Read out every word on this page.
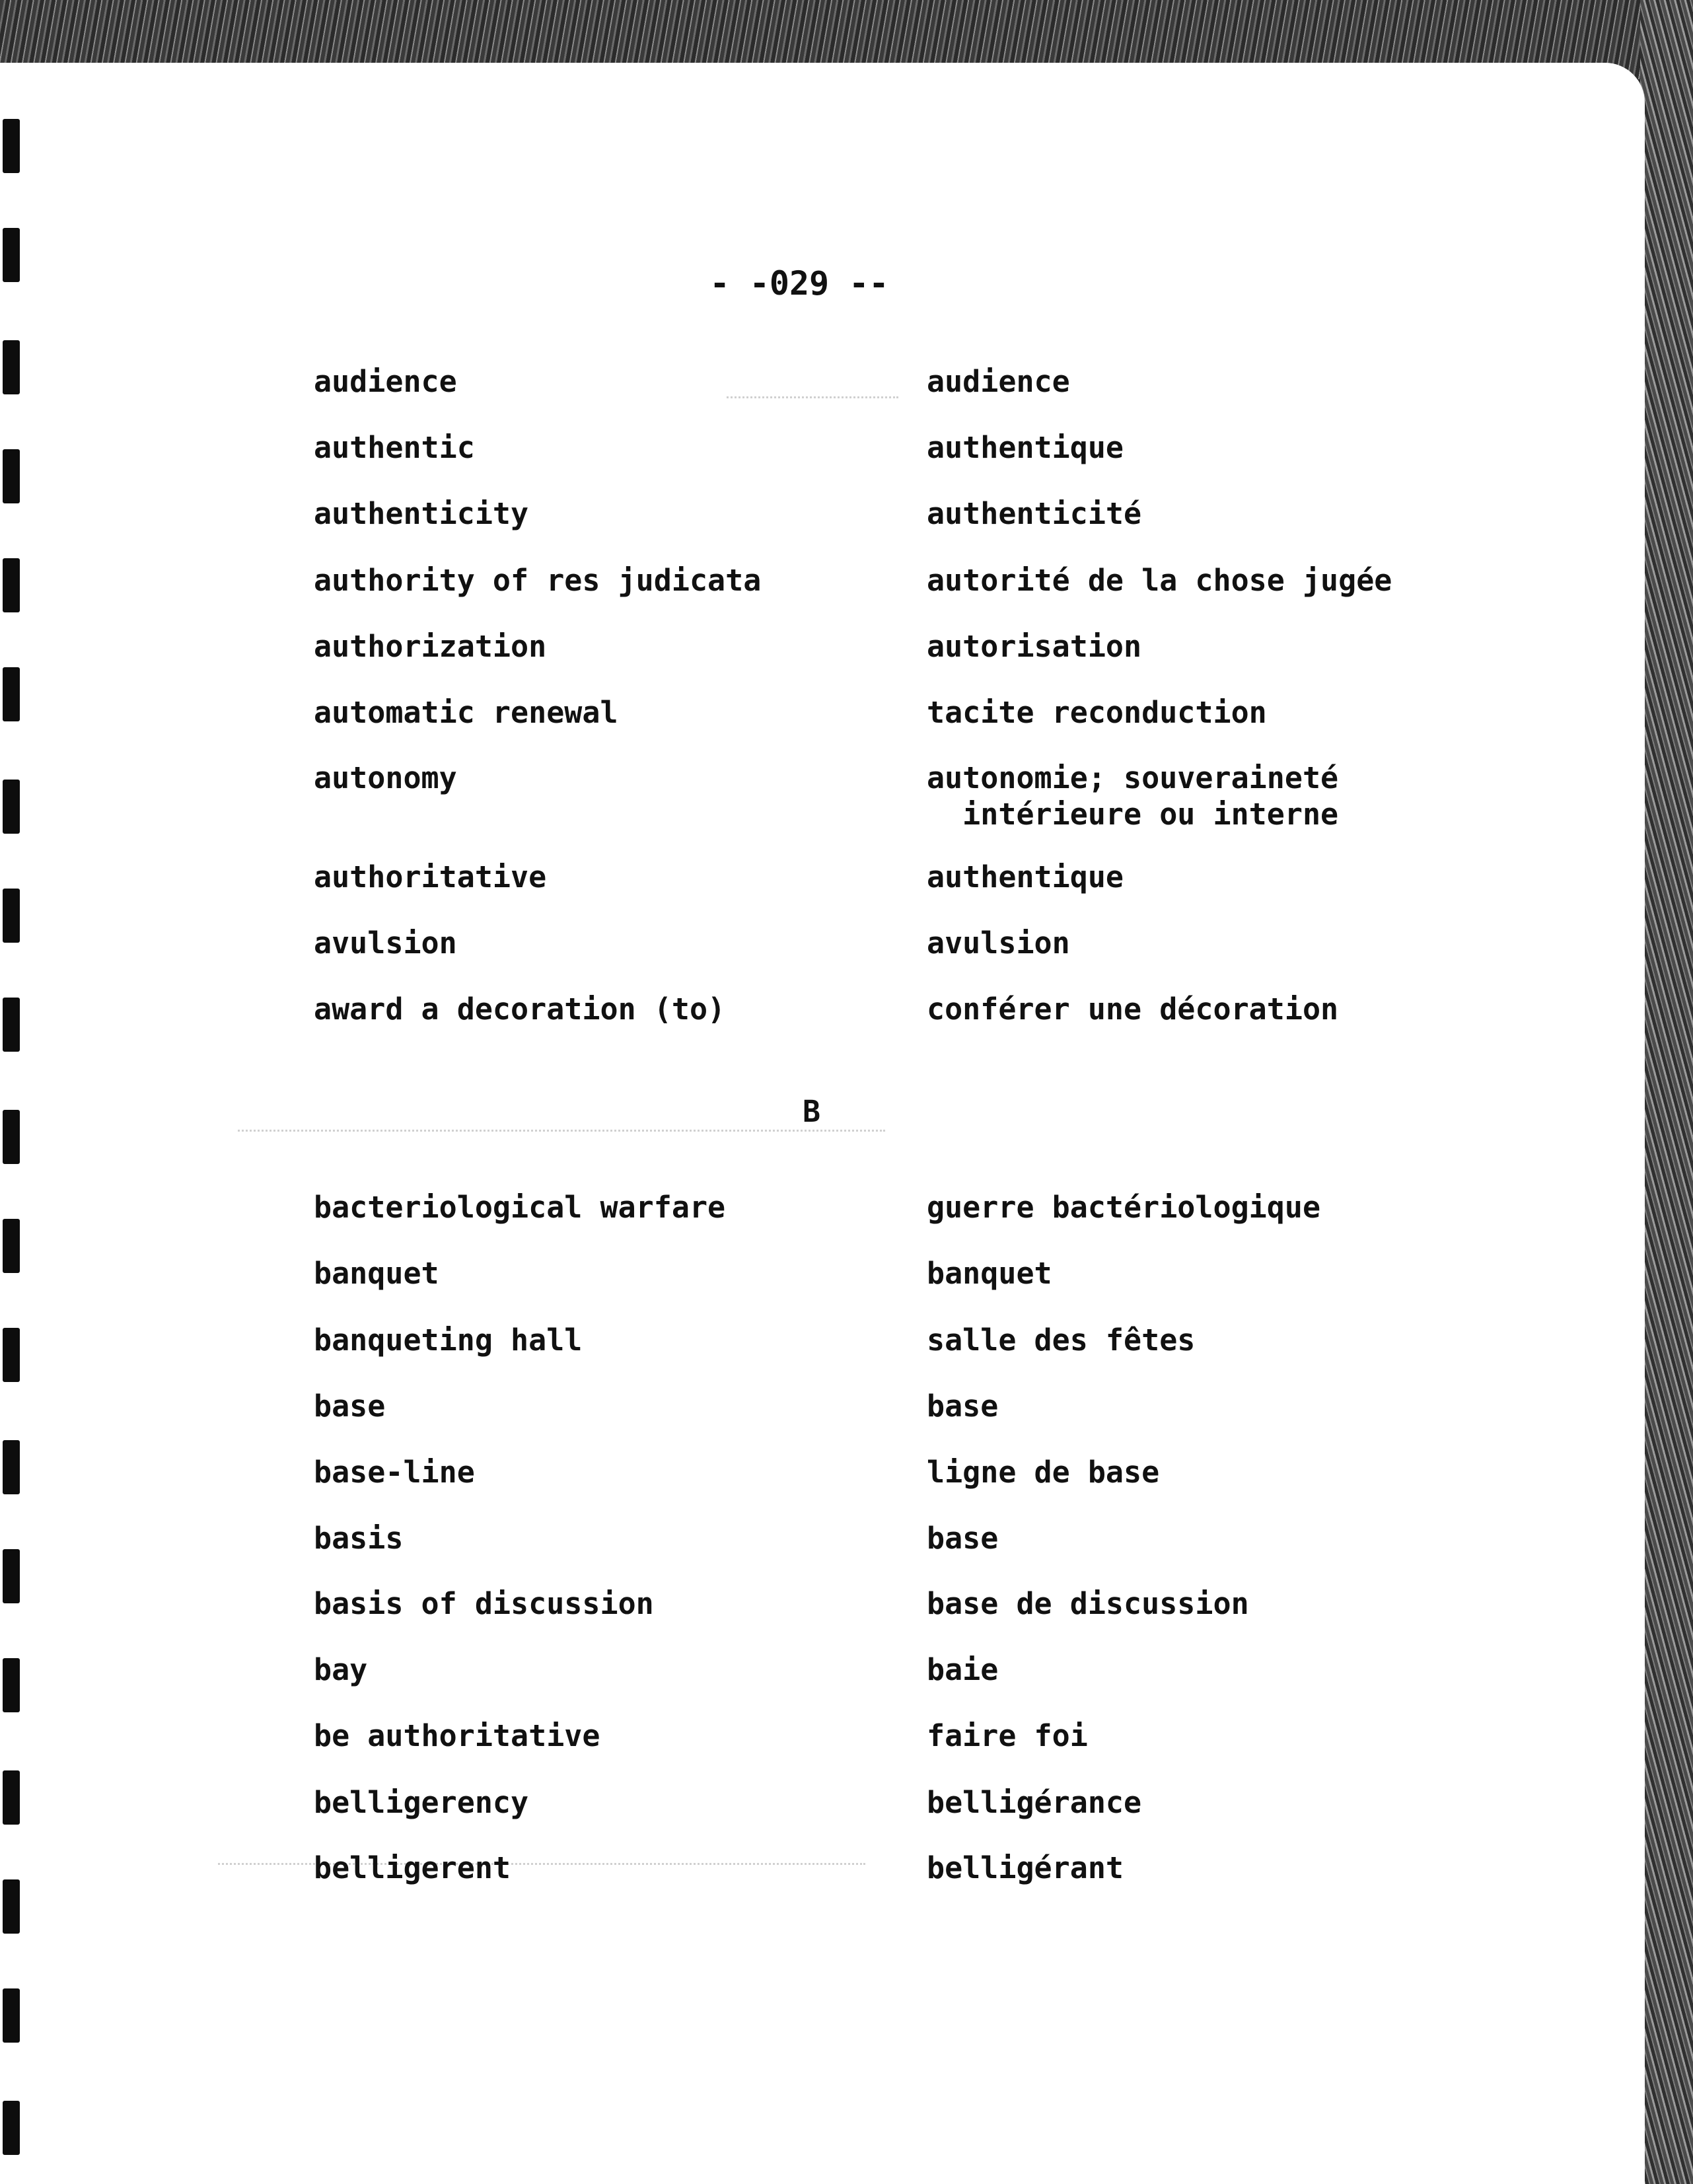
- -029 --
B
audience	audience
authentic	authentique
authenticity	authenticité
authority of res judicata	autorité de la chose jugée
authorization	autorisation
automatic renewal	tacite reconduction
autonomy	autonomie; souveraineté
intérieure ou interne
authoritative	authentique
avulsion	avulsion
award a decoration (to)	conférer une décoration
bacteriological warfare	guerre bactériologique
banquet	banquet
banqueting hall	salle des fêtes
base	base
base-line	ligne de base
basis	base
basis of discussion	base de discussion
bay	baie
be authoritative	faire foi
belligerency	belligérance
belligerent	belligérant
